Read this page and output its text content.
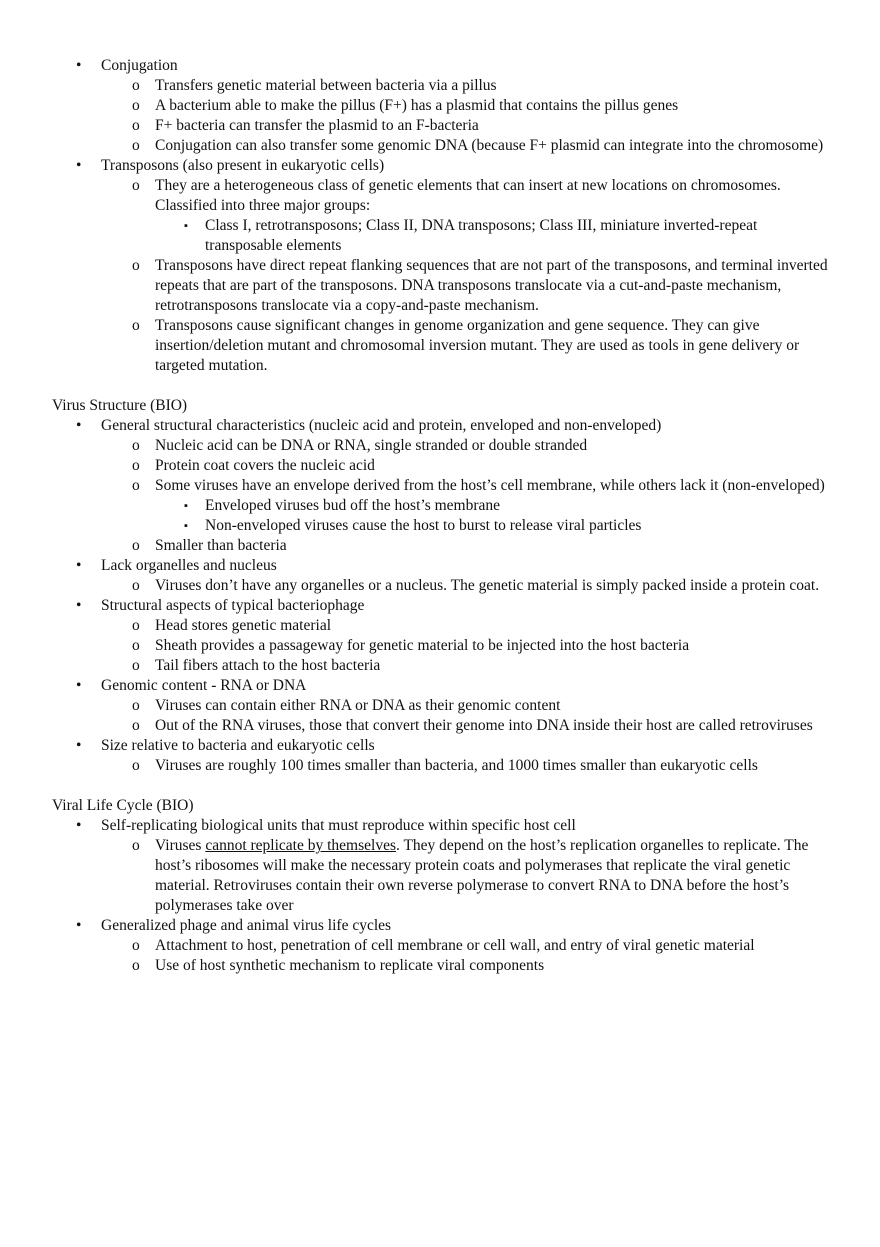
• Conjugation
o Transfers genetic material between bacteria via a pillus
o A bacterium able to make the pillus (F+) has a plasmid that contains the pillus genes
o F+ bacteria can transfer the plasmid to an F-bacteria
o Conjugation can also transfer some genomic DNA (because F+ plasmid can integrate into the chromosome)
• Transposons (also present in eukaryotic cells)
o They are a heterogeneous class of genetic elements that can insert at new locations on chromosomes. Classified into three major groups:
▪ Class I, retrotransposons; Class II, DNA transposons; Class III, miniature inverted-repeat transposable elements
o Transposons have direct repeat flanking sequences that are not part of the transposons, and terminal inverted repeats that are part of the transposons. DNA transposons translocate via a cut-and-paste mechanism, retrotransposons translocate via a copy-and-paste mechanism.
o Transposons cause significant changes in genome organization and gene sequence. They can give insertion/deletion mutant and chromosomal inversion mutant. They are used as tools in gene delivery or targeted mutation.
Virus Structure (BIO)
• General structural characteristics (nucleic acid and protein, enveloped and non-enveloped)
o Nucleic acid can be DNA or RNA, single stranded or double stranded
o Protein coat covers the nucleic acid
o Some viruses have an envelope derived from the host’s cell membrane, while others lack it (non-enveloped)
▪ Enveloped viruses bud off the host’s membrane
▪ Non-enveloped viruses cause the host to burst to release viral particles
o Smaller than bacteria
• Lack organelles and nucleus
o Viruses don’t have any organelles or a nucleus. The genetic material is simply packed inside a protein coat.
• Structural aspects of typical bacteriophage
o Head stores genetic material
o Sheath provides a passageway for genetic material to be injected into the host bacteria
o Tail fibers attach to the host bacteria
• Genomic content - RNA or DNA
o Viruses can contain either RNA or DNA as their genomic content
o Out of the RNA viruses, those that convert their genome into DNA inside their host are called retroviruses
• Size relative to bacteria and eukaryotic cells
o Viruses are roughly 100 times smaller than bacteria, and 1000 times smaller than eukaryotic cells
Viral Life Cycle (BIO)
• Self-replicating biological units that must reproduce within specific host cell
o Viruses cannot replicate by themselves. They depend on the host’s replication organelles to replicate. The host’s ribosomes will make the necessary protein coats and polymerases that replicate the viral genetic material. Retroviruses contain their own reverse polymerase to convert RNA to DNA before the host’s polymerases take over
• Generalized phage and animal virus life cycles
o Attachment to host, penetration of cell membrane or cell wall, and entry of viral genetic material
o Use of host synthetic mechanism to replicate viral components
